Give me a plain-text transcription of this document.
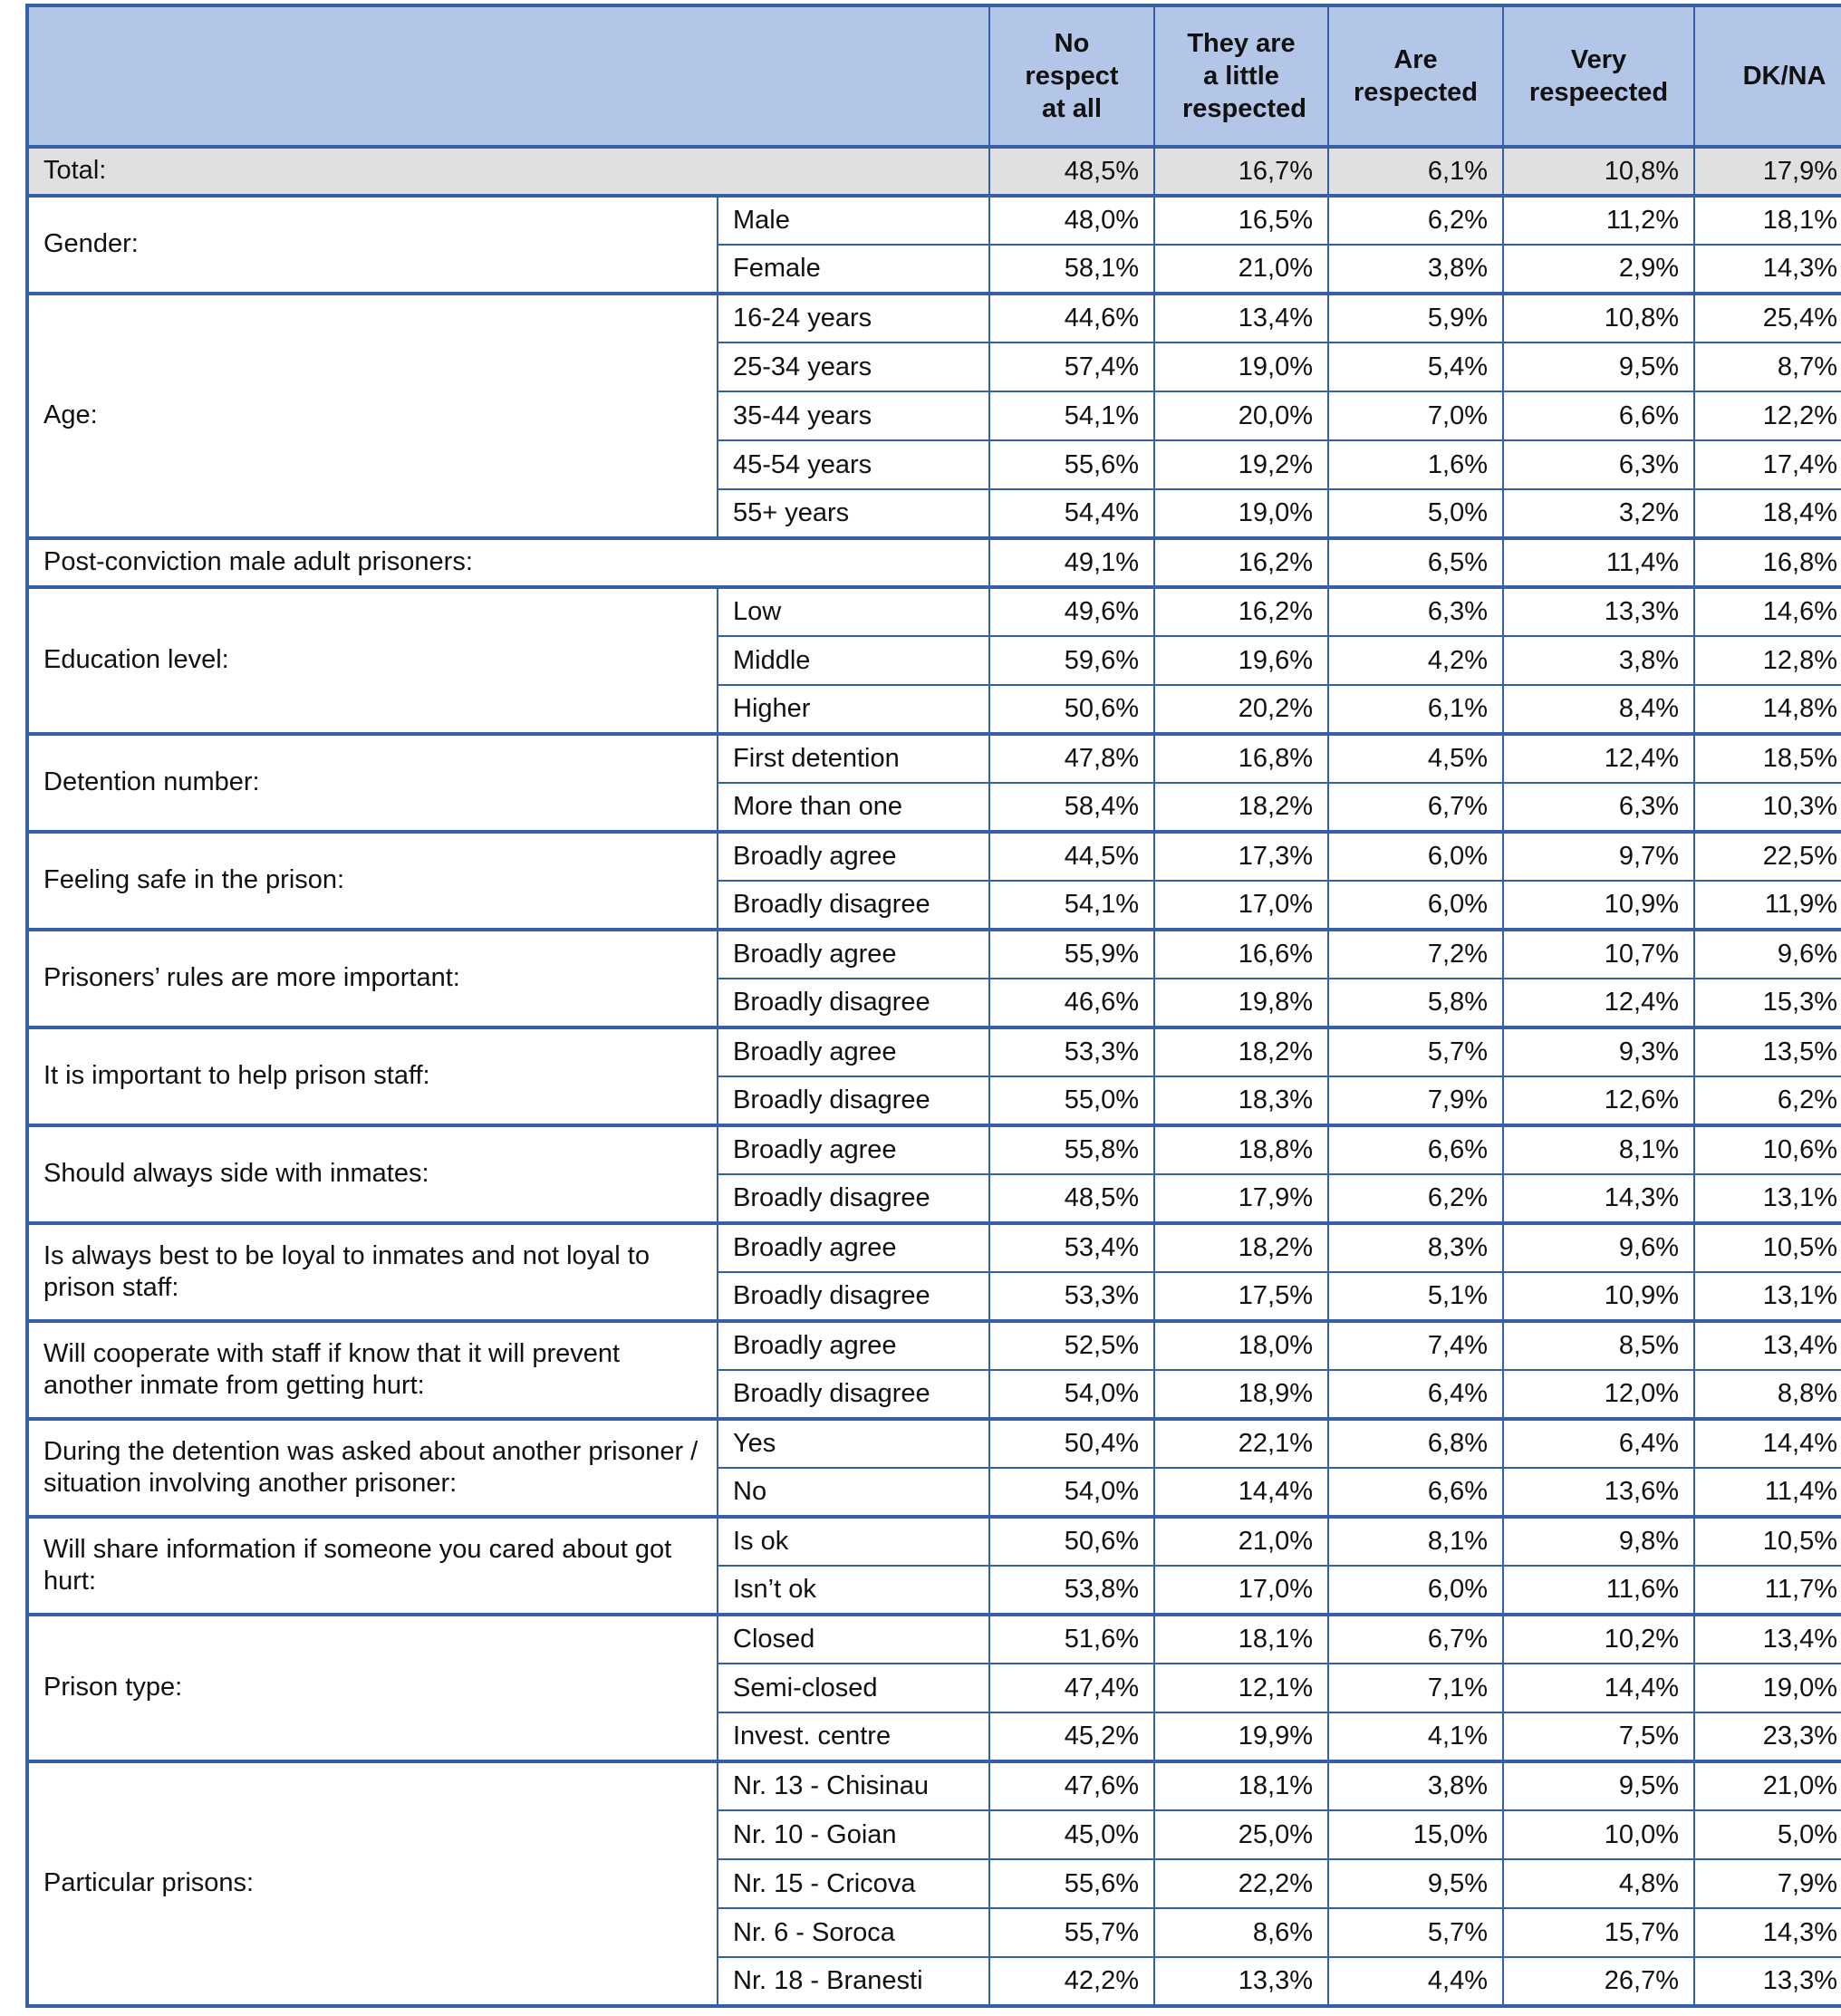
		No respect at all	They are a little respected	Are respected	Very respeected	DK/NA
Total:		48,5%	16,7%	6,1%	10,8%	17,9%
Gender:	Male	48,0%	16,5%	6,2%	11,2%	18,1%
	Female	58,1%	21,0%	3,8%	2,9%	14,3%
Age:	16-24 years	44,6%	13,4%	5,9%	10,8%	25,4%
	25-34 years	57,4%	19,0%	5,4%	9,5%	8,7%
	35-44 years	54,1%	20,0%	7,0%	6,6%	12,2%
	45-54 years	55,6%	19,2%	1,6%	6,3%	17,4%
	55+ years	54,4%	19,0%	5,0%	3,2%	18,4%
Post-conviction male adult prisoners:		49,1%	16,2%	6,5%	11,4%	16,8%
Education level:	Low	49,6%	16,2%	6,3%	13,3%	14,6%
	Middle	59,6%	19,6%	4,2%	3,8%	12,8%
	Higher	50,6%	20,2%	6,1%	8,4%	14,8%
Detention number:	First detention	47,8%	16,8%	4,5%	12,4%	18,5%
	More than one	58,4%	18,2%	6,7%	6,3%	10,3%
Feeling safe in the prison:	Broadly agree	44,5%	17,3%	6,0%	9,7%	22,5%
	Broadly disagree	54,1%	17,0%	6,0%	10,9%	11,9%
Prisoners’ rules are more important:	Broadly agree	55,9%	16,6%	7,2%	10,7%	9,6%
	Broadly disagree	46,6%	19,8%	5,8%	12,4%	15,3%
It is important to help prison staff:	Broadly agree	53,3%	18,2%	5,7%	9,3%	13,5%
	Broadly disagree	55,0%	18,3%	7,9%	12,6%	6,2%
Should always side with inmates:	Broadly agree	55,8%	18,8%	6,6%	8,1%	10,6%
	Broadly disagree	48,5%	17,9%	6,2%	14,3%	13,1%
Is always best to be loyal to inmates and not loyal to prison staff:	Broadly agree	53,4%	18,2%	8,3%	9,6%	10,5%
	Broadly disagree	53,3%	17,5%	5,1%	10,9%	13,1%
Will cooperate with staff if know that it will prevent another inmate from getting hurt:	Broadly agree	52,5%	18,0%	7,4%	8,5%	13,4%
	Broadly disagree	54,0%	18,9%	6,4%	12,0%	8,8%
During the detention was asked about another prisoner / situation involving another prisoner:	Yes	50,4%	22,1%	6,8%	6,4%	14,4%
	No	54,0%	14,4%	6,6%	13,6%	11,4%
Will share information if someone you cared about got hurt:	Is ok	50,6%	21,0%	8,1%	9,8%	10,5%
	Isn’t ok	53,8%	17,0%	6,0%	11,6%	11,7%
Prison type:	Closed	51,6%	18,1%	6,7%	10,2%	13,4%
	Semi-closed	47,4%	12,1%	7,1%	14,4%	19,0%
	Invest. centre	45,2%	19,9%	4,1%	7,5%	23,3%
Particular prisons:	Nr. 13 - Chisinau	47,6%	18,1%	3,8%	9,5%	21,0%
	Nr. 10 - Goian	45,0%	25,0%	15,0%	10,0%	5,0%
	Nr. 15 - Cricova	55,6%	22,2%	9,5%	4,8%	7,9%
	Nr. 6 - Soroca	55,7%	8,6%	5,7%	15,7%	14,3%
	Nr. 18 - Branesti	42,2%	13,3%	4,4%	26,7%	13,3%
